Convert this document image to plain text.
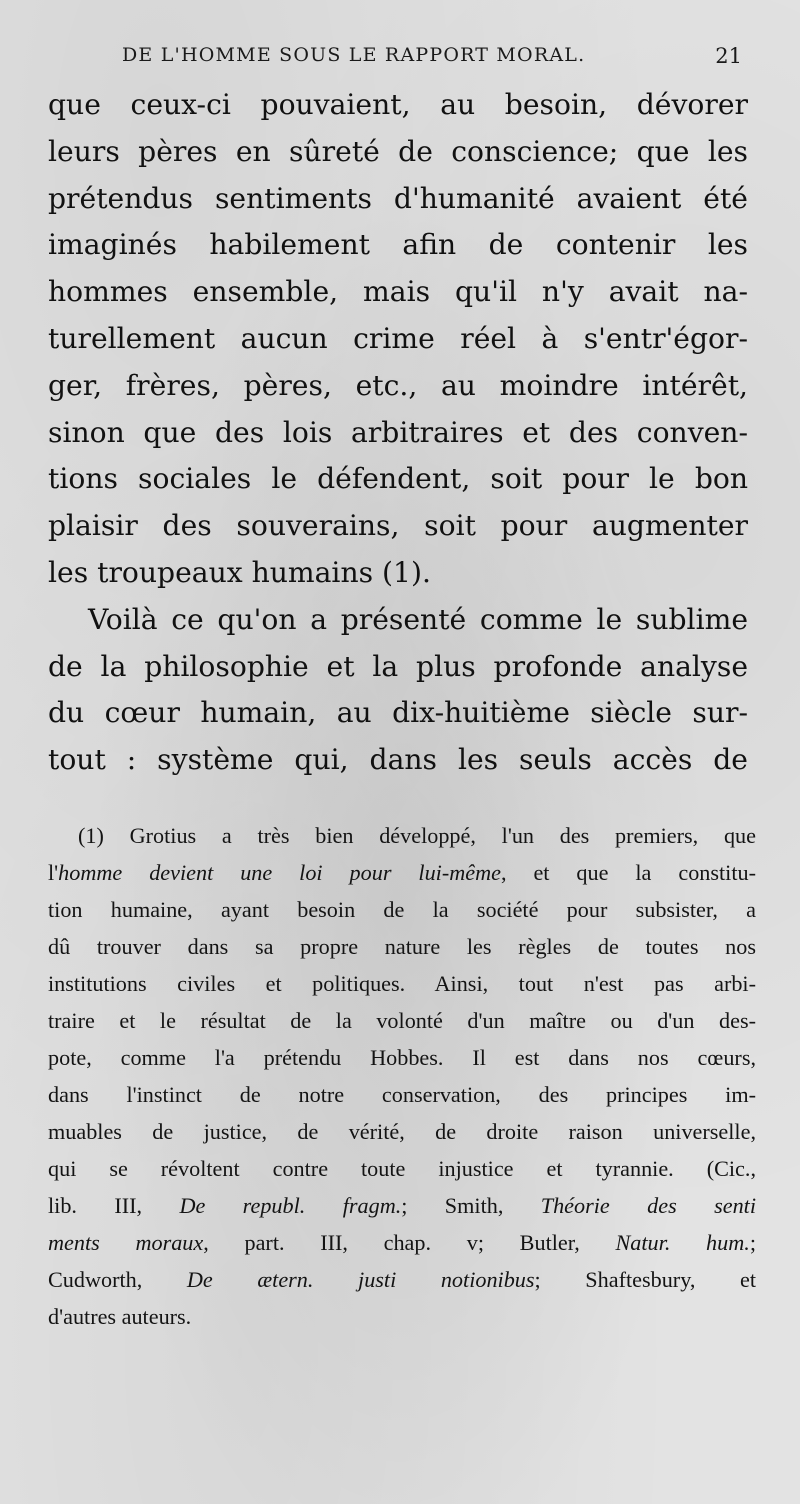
DE L'HOMME SOUS LE RAPPORT MORAL.	21
que ceux-ci pouvaient, au besoin, dévorer
leurs pères en sûreté de conscience; que les
prétendus sentiments d'humanité avaient été
imaginés habilement afin de contenir les
hommes ensemble, mais qu'il n'y avait na-
turellement aucun crime réel à s'entr'égor-
ger, frères, pères, etc., au moindre intérêt,
sinon que des lois arbitraires et des conven-
tions sociales le défendent, soit pour le bon
plaisir des souverains, soit pour augmenter
les troupeaux humains (1).
Voilà ce qu'on a présenté comme le sublime
de la philosophie et la plus profonde analyse
du cœur humain, au dix-huitième siècle sur-
tout : système qui, dans les seuls accès de
(1) Grotius a très bien développé, l'un des premiers, que
l'homme devient une loi pour lui-même, et que la constitu-
tion humaine, ayant besoin de la société pour subsister, a
dû trouver dans sa propre nature les règles de toutes nos
institutions civiles et politiques. Ainsi, tout n'est pas arbi-
traire et le résultat de la volonté d'un maître ou d'un des-
pote, comme l'a prétendu Hobbes. Il est dans nos cœurs,
dans l'instinct de notre conservation, des principes im-
muables de justice, de vérité, de droite raison universelle,
qui se révoltent contre toute injustice et tyrannie. (Cic.,
lib. III, De republ. fragm.; Smith, Théorie des senti
ments moraux, part. III, chap. v; Butler, Natur. hum.;
Cudworth, De ætern. justi notionibus; Shaftesbury, et
d'autres auteurs.
